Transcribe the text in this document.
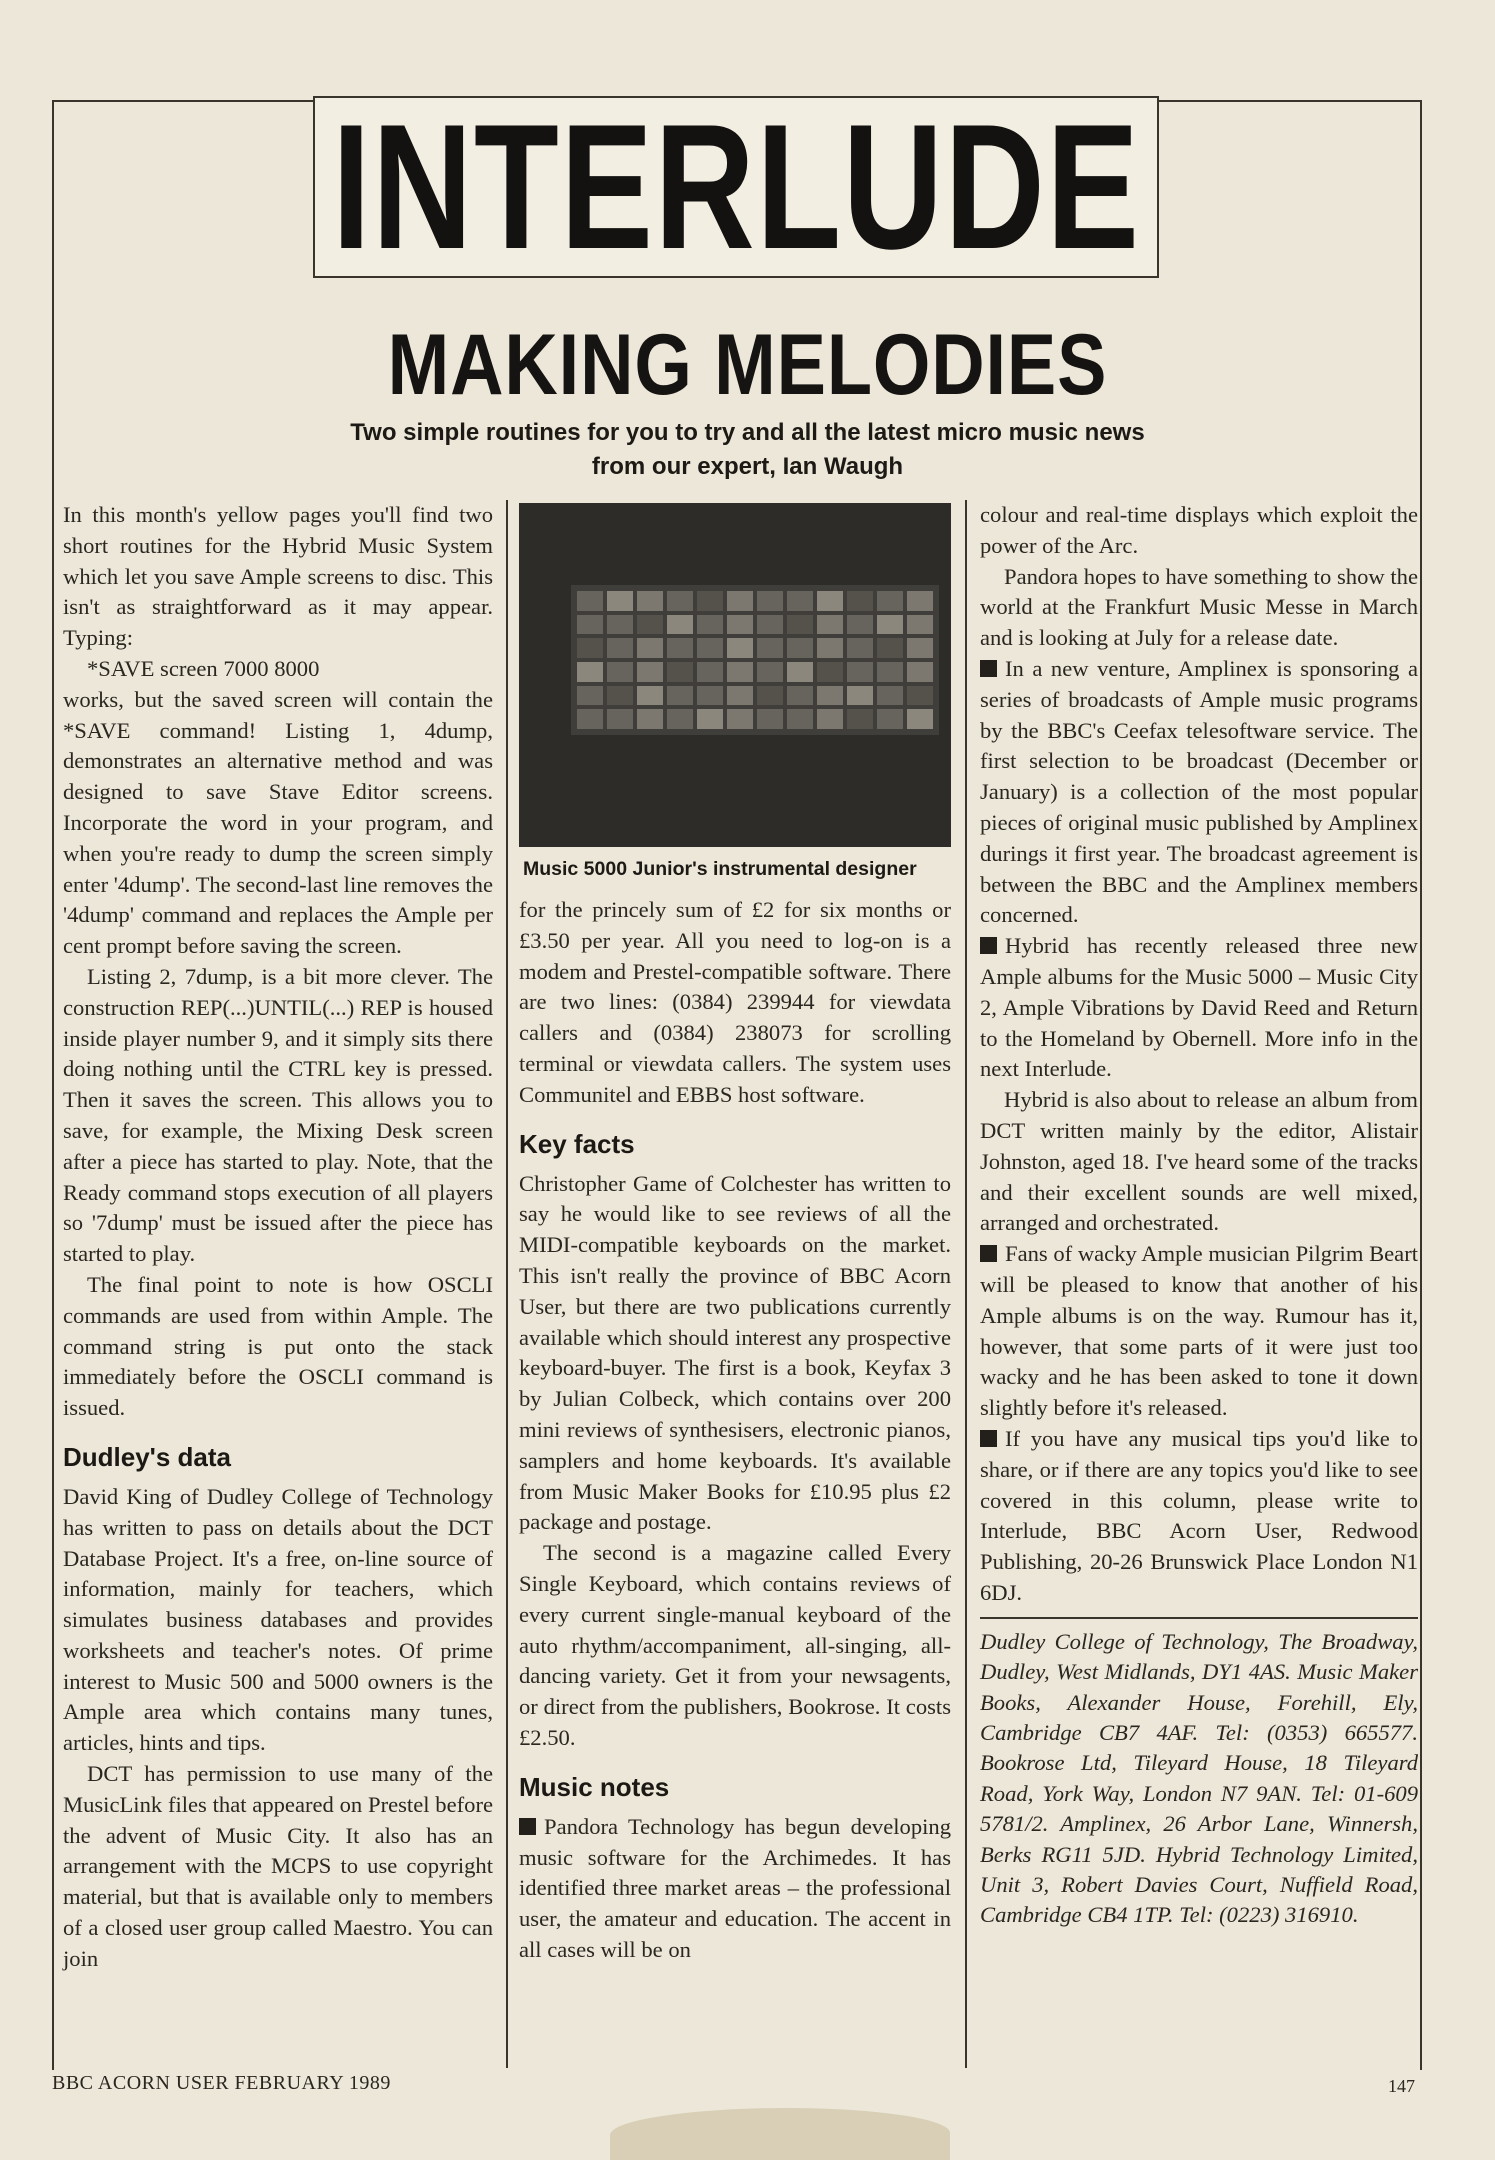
INTERLUDE
MAKING MELODIES
Two simple routines for you to try and all the latest micro music news from our expert, Ian Waugh

In this month's yellow pages you'll find two short routines for the Hybrid Music System which let you save Ample screens to disc. This isn't as straightforward as it may appear. Typing:

*SAVE screen 7000 8000

works, but the saved screen will contain the *SAVE command! Listing 1, 4dump, demonstrates an alternative method and was designed to save Stave Editor screens. Incorporate the word in your program, and when you're ready to dump the screen simply enter '4dump'. The second-last line removes the '4dump' command and replaces the Ample per cent prompt before saving the screen.

Listing 2, 7dump, is a bit more clever. The construction REP(...)UNTIL(...) REP is housed inside player number 9, and it simply sits there doing nothing until the CTRL key is pressed. Then it saves the screen. This allows you to save, for example, the Mixing Desk screen after a piece has started to play. Note, that the Ready command stops execution of all players so '7dump' must be issued after the piece has started to play.

The final point to note is how OSCLI commands are used from within Ample. The command string is put onto the stack immediately before the OSCLI command is issued.

Dudley's data

David King of Dudley College of Technology has written to pass on details about the DCT Database Project. It's a free, on-line source of information, mainly for teachers, which simulates business databases and provides worksheets and teacher's notes. Of prime interest to Music 500 and 5000 owners is the Ample area which contains many tunes, articles, hints and tips.

DCT has permission to use many of the MusicLink files that appeared on Prestel before the advent of Music City. It also has an arrangement with the MCPS to use copyright material, but that is available only to members of a closed user group called Maestro. You can join

Music 5000 Junior's instrumental designer

for the princely sum of £2 for six months or £3.50 per year. All you need to log-on is a modem and Prestel-compatible software. There are two lines: (0384) 239944 for viewdata callers and (0384) 238073 for scrolling terminal or viewdata callers. The system uses Communitel and EBBS host software.

Key facts

Christopher Game of Colchester has written to say he would like to see reviews of all the MIDI-compatible keyboards on the market. This isn't really the province of BBC Acorn User, but there are two publications currently available which should interest any prospective keyboard-buyer. The first is a book, Keyfax 3 by Julian Colbeck, which contains over 200 mini reviews of synthesisers, electronic pianos, samplers and home keyboards. It's available from Music Maker Books for £10.95 plus £2 package and postage.

The second is a magazine called Every Single Keyboard, which contains reviews of every current single-manual keyboard of the auto rhythm/accompaniment, all-singing, all-dancing variety. Get it from your newsagents, or direct from the publishers, Bookrose. It costs £2.50.

Music notes

Pandora Technology has begun developing music software for the Archimedes. It has identified three market areas – the professional user, the amateur and education. The accent in all cases will be on

colour and real-time displays which exploit the power of the Arc.

Pandora hopes to have something to show the world at the Frankfurt Music Messe in March and is looking at July for a release date.

In a new venture, Amplinex is sponsoring a series of broadcasts of Ample music programs by the BBC's Ceefax telesoftware service. The first selection to be broadcast (December or January) is a collection of the most popular pieces of original music published by Amplinex durings it first year. The broadcast agreement is between the BBC and the Amplinex members concerned.

Hybrid has recently released three new Ample albums for the Music 5000 – Music City 2, Ample Vibrations by David Reed and Return to the Homeland by Obernell. More info in the next Interlude.

Hybrid is also about to release an album from DCT written mainly by the editor, Alistair Johnston, aged 18. I've heard some of the tracks and their excellent sounds are well mixed, arranged and orchestrated.

Fans of wacky Ample musician Pilgrim Beart will be pleased to know that another of his Ample albums is on the way. Rumour has it, however, that some parts of it were just too wacky and he has been asked to tone it down slightly before it's released.

If you have any musical tips you'd like to share, or if there are any topics you'd like to see covered in this column, please write to Interlude, BBC Acorn User, Redwood Publishing, 20-26 Brunswick Place London N1 6DJ.

Dudley College of Technology, The Broadway, Dudley, West Midlands, DY1 4AS. Music Maker Books, Alexander House, Forehill, Ely, Cambridge CB7 4AF. Tel: (0353) 665577. Bookrose Ltd, Tileyard House, 18 Tileyard Road, York Way, London N7 9AN. Tel: 01-609 5781/2. Amplinex, 26 Arbor Lane, Winnersh, Berks RG11 5JD. Hybrid Technology Limited, Unit 3, Robert Davies Court, Nuffield Road, Cambridge CB4 1TP. Tel: (0223) 316910.
BBC ACORN USER FEBRUARY 1989	147
